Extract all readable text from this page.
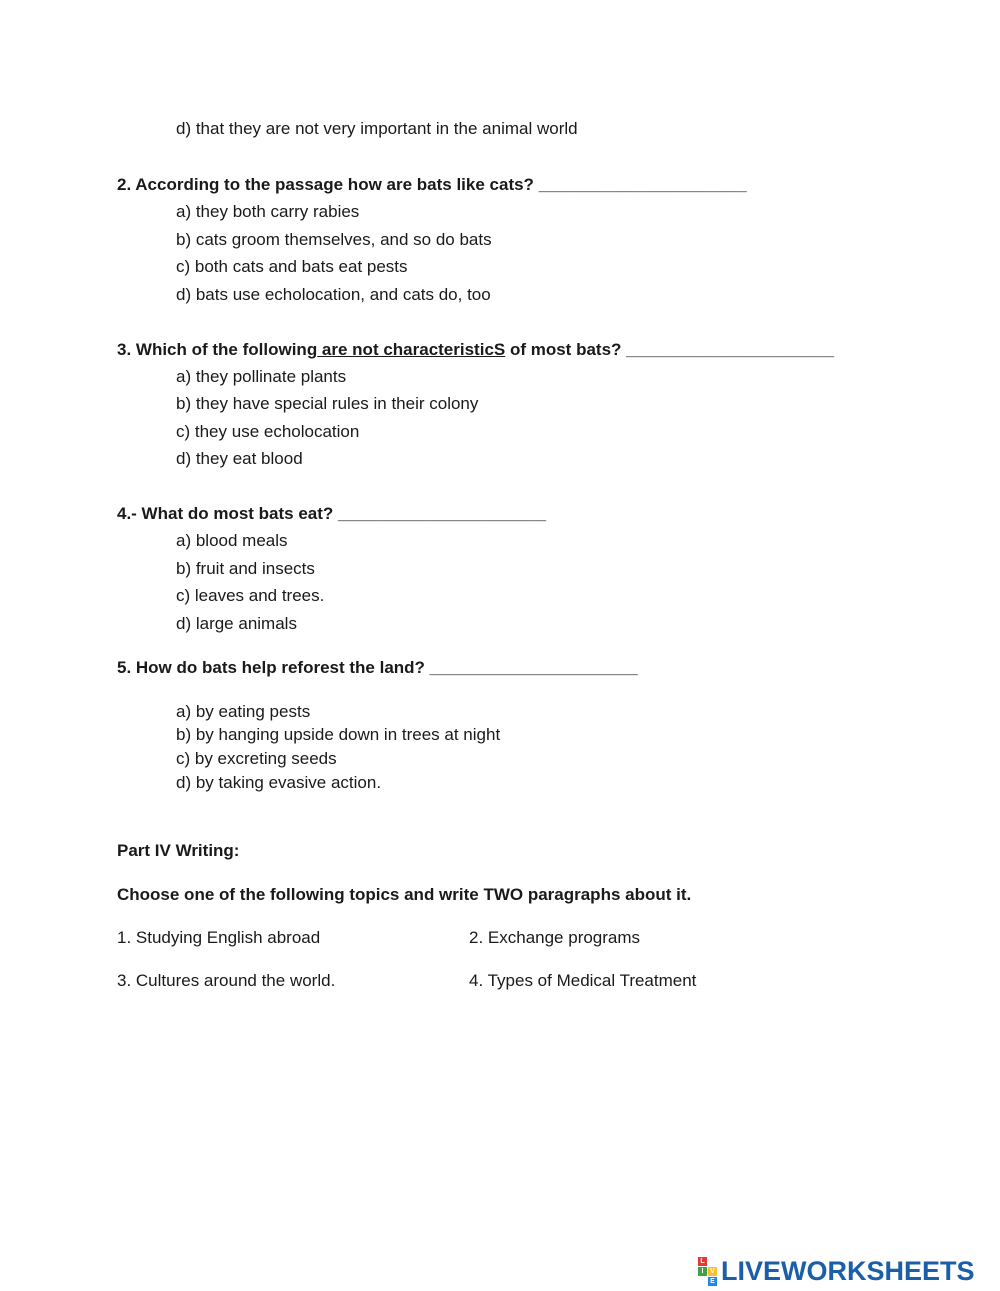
d) that they are not very important in the animal world
2. According to the passage how are bats like cats? ______________________
a) they both carry rabies
b) cats groom themselves, and so do bats
c) both cats and bats eat pests
d) bats use echolocation, and cats do, too
3. Which of the following are not characteristicS of most bats? ______________________
a) they pollinate plants
b) they have special rules in their colony
c) they use echolocation
d) they eat blood
4.- What do most bats eat? ______________________
a) blood meals
b) fruit and insects
c) leaves and trees.
d) large animals
5. How do bats help reforest the land? ______________________
a) by eating pests
b) by hanging upside down in trees at night
c) by excreting seeds
d) by taking evasive action.
Part IV Writing:
Choose one of the following topics and write TWO paragraphs about it.
1. Studying English abroad	2. Exchange programs
3. Cultures around the world.	4. Types of Medical Treatment
L
I V
E LIVEWORKSHEETS
